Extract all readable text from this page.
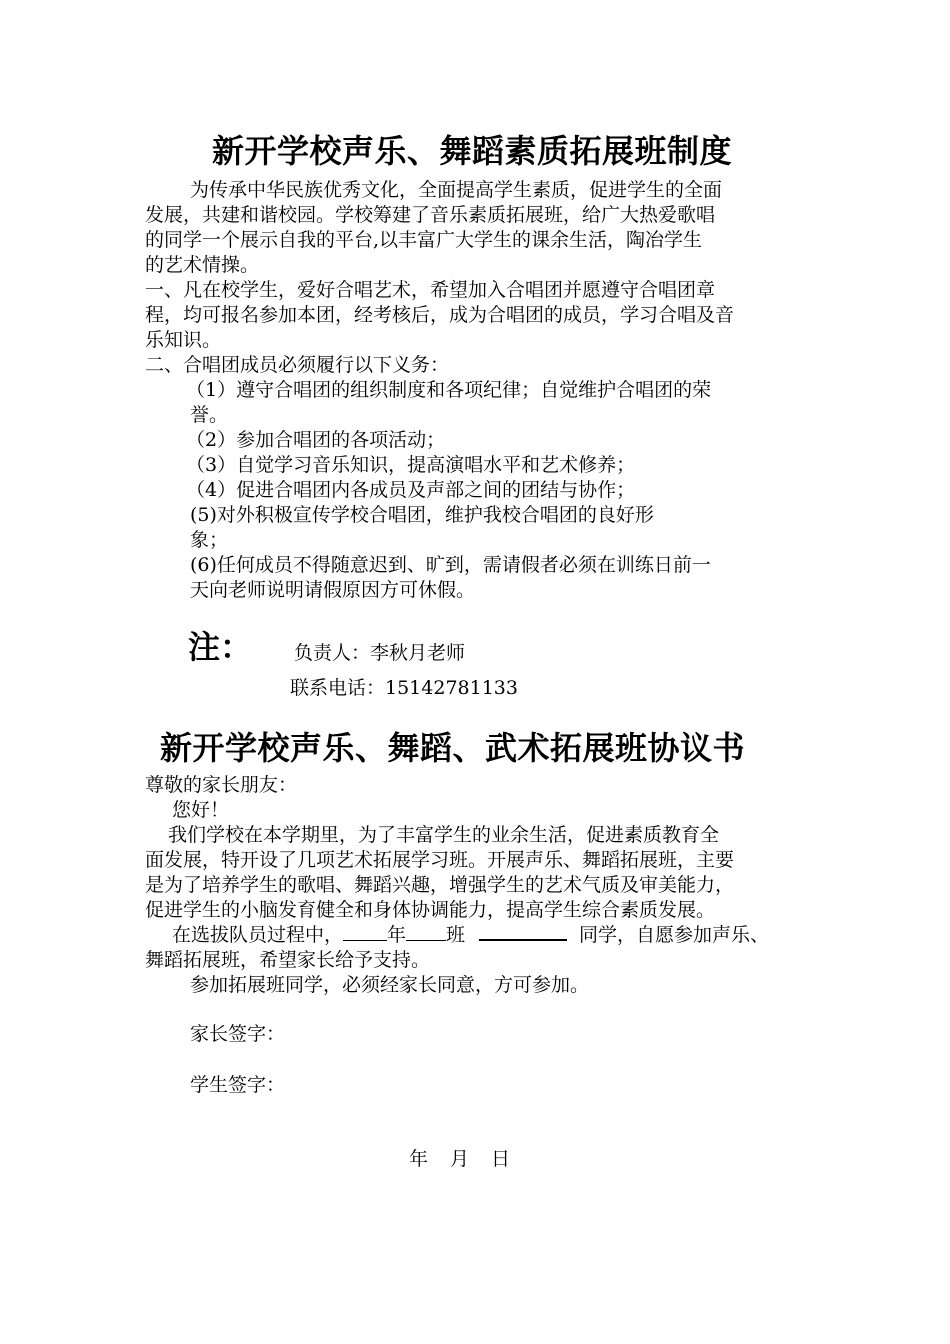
新开学校声乐、舞蹈素质拓展班制度
为传承中华民族优秀文化，全面提高学生素质，促进学生的全面
发展，共建和谐校园。学校筹建了音乐素质拓展班，给广大热爱歌唱
的同学一个展示自我的平台,以丰富广大学生的课余生活，陶冶学生
的艺术情操。
一、凡在校学生，爱好合唱艺术，希望加入合唱团并愿遵守合唱团章
程，均可报名参加本团，经考核后，成为合唱团的成员，学习合唱及音
乐知识。
二、合唱团成员必须履行以下义务：
（1）遵守合唱团的组织制度和各项纪律；自觉维护合唱团的荣
誉。
（2）参加合唱团的各项活动；
（3）自觉学习音乐知识，提高演唱水平和艺术修养；
（4）促进合唱团内各成员及声部之间的团结与协作；
(5)对外积极宣传学校合唱团，维护我校合唱团的良好形
象；
(6)任何成员不得随意迟到、旷到，需请假者必须在训练日前一
天向老师说明请假原因方可休假。
注： 负责人：李秋月老师
联系电话：15142781133
新开学校声乐、舞蹈、武术拓展班协议书
尊敬的家长朋友：
您好！
我们学校在本学期里，为了丰富学生的业余生活，促进素质教育全
面发展，特开设了几项艺术拓展学习班。开展声乐、舞蹈拓展班，主要
是为了培养学生的歌唱、舞蹈兴趣，增强学生的艺术气质及审美能力，
促进学生的小脑发育健全和身体协调能力，提高学生综合素质发展。
在选拔队员过程中， 年 班	同学，自愿参加声乐、
舞蹈拓展班，希望家长给予支持。
参加拓展班同学，必须经家长同意，方可参加。
家长签字：
学生签字：
年 月 日
